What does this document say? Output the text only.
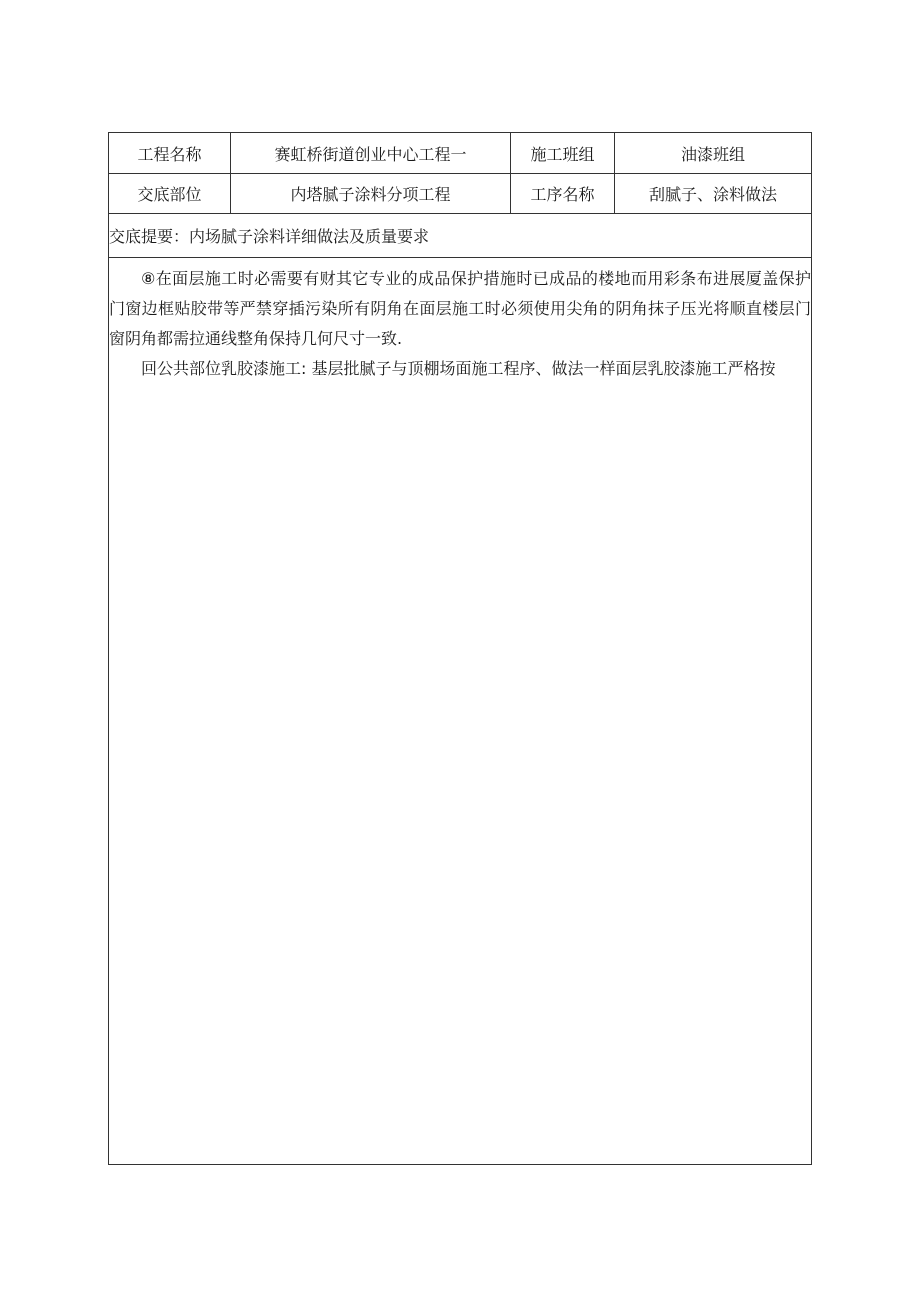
工程名称	赛虹桥街道创业中心工程一	施工班组	油漆班组
交底部位	内塔腻子涂料分项工程	工序名称	刮腻子、涂料做法
交底提要：内场腻子涂料详细做法及质量要求

⑧在面层施工时必需要有财其它专业的成品保护措施时已成品的楼地而用彩条布进展厦盖保护门窗边框贴胶带等严禁穿插污染所有阴角在面层施工时必须使用尖角的阴角抹子压光将顺直楼层门窗阴角都需拉通线整角保持几何尺寸一致.

回公共部位乳胶漆施工: 基层批腻子与顶棚场面施工程序、做法一样面层乳胶漆施工严格按
